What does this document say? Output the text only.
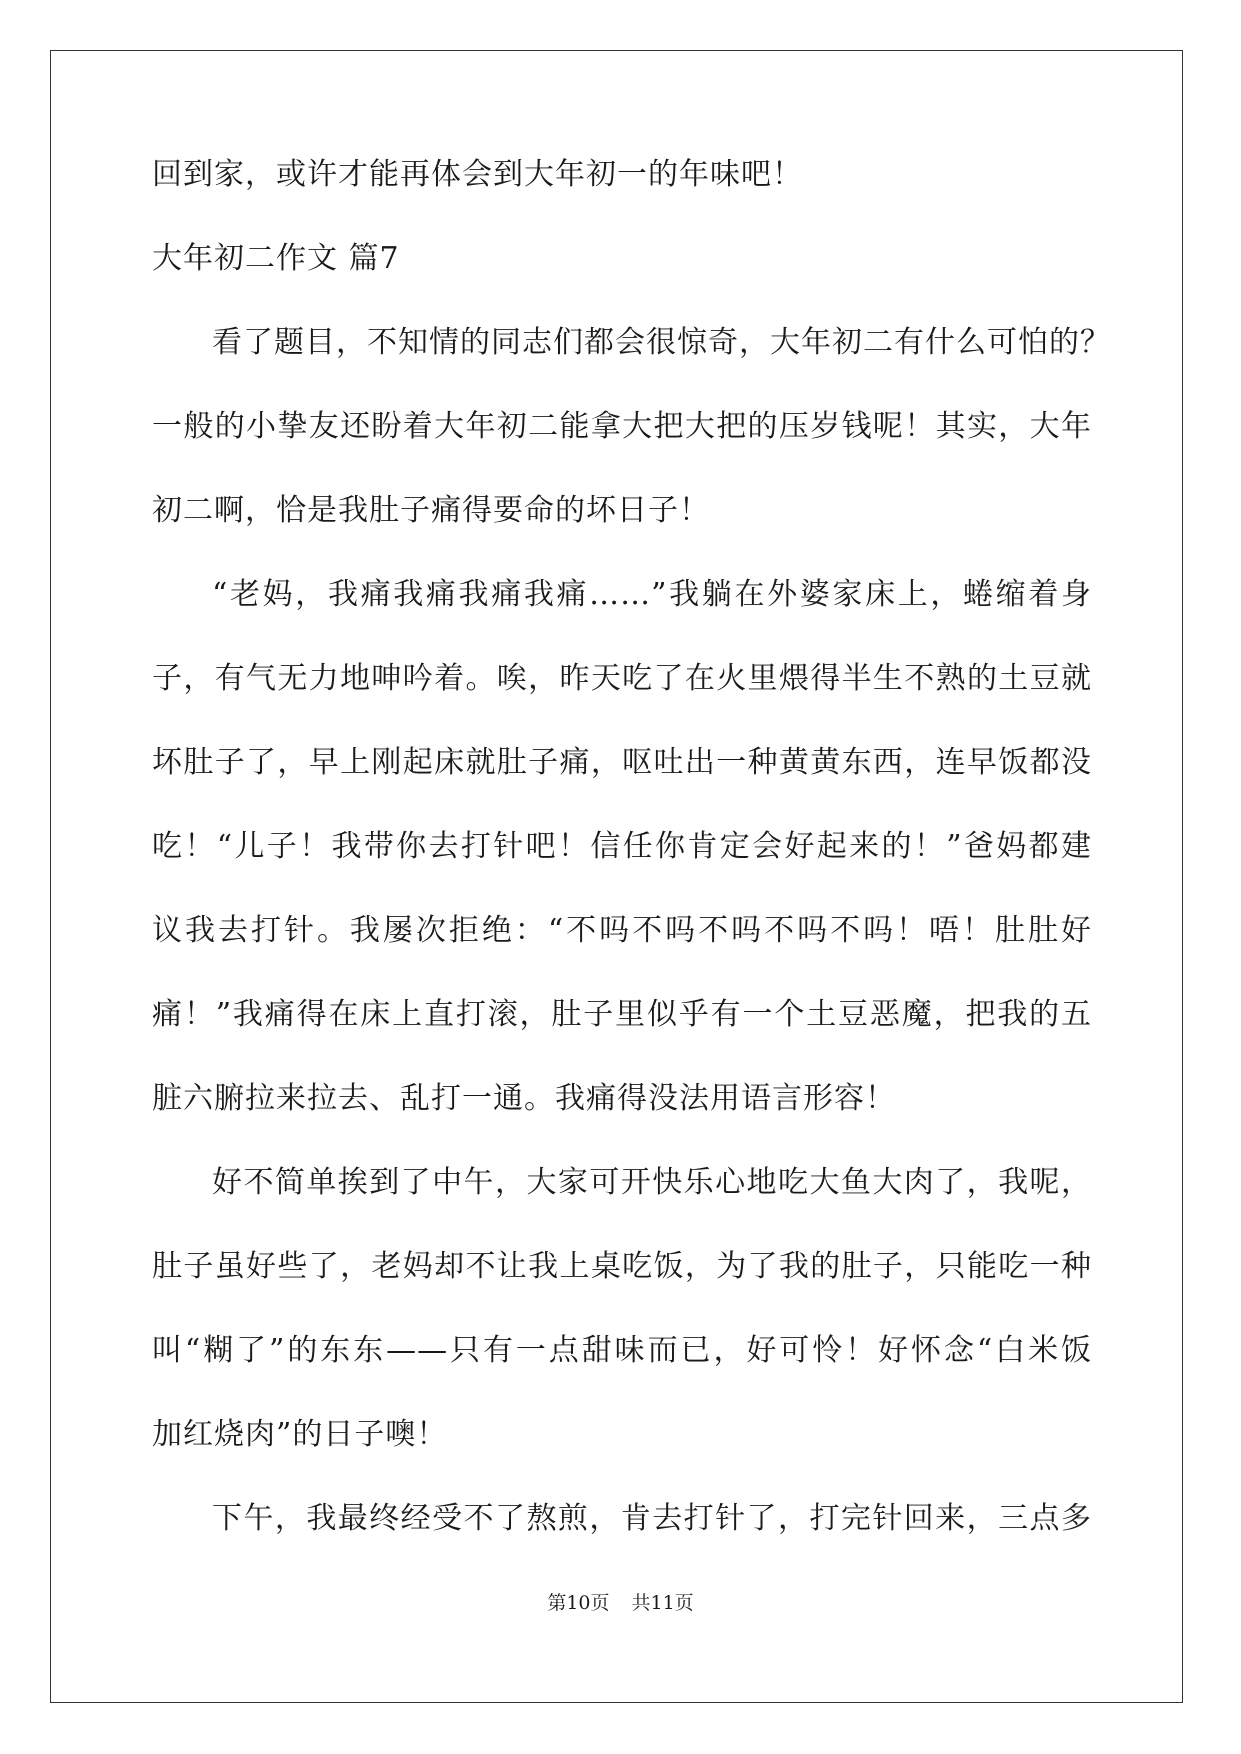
回到家，或许才能再体会到大年初一的年味吧！
大年初二作文 篇7
看了题目，不知情的同志们都会很惊奇，大年初二有什么可怕的？
一般的小挚友还盼着大年初二能拿大把大把的压岁钱呢！其实，大年
初二啊，恰是我肚子痛得要命的坏日子！
“老妈，我痛我痛我痛我痛……”我躺在外婆家床上，蜷缩着身
子，有气无力地呻吟着。唉，昨天吃了在火里煨得半生不熟的土豆就
坏肚子了，早上刚起床就肚子痛，呕吐出一种黄黄东西，连早饭都没
吃！“儿子！我带你去打针吧！信任你肯定会好起来的！”爸妈都建
议我去打针。我屡次拒绝：“不吗不吗不吗不吗不吗！唔！肚肚好
痛！”我痛得在床上直打滚，肚子里似乎有一个土豆恶魔，把我的五
脏六腑拉来拉去、乱打一通。我痛得没法用语言形容！
好不简单挨到了中午，大家可开快乐心地吃大鱼大肉了，我呢，
肚子虽好些了，老妈却不让我上桌吃饭，为了我的肚子，只能吃一种
叫“糊了”的东东——只有一点甜味而已，好可怜！好怀念“白米饭
加红烧肉”的日子噢！
下午，我最终经受不了熬煎，肯去打针了，打完针回来，三点多
第10页 共11页
